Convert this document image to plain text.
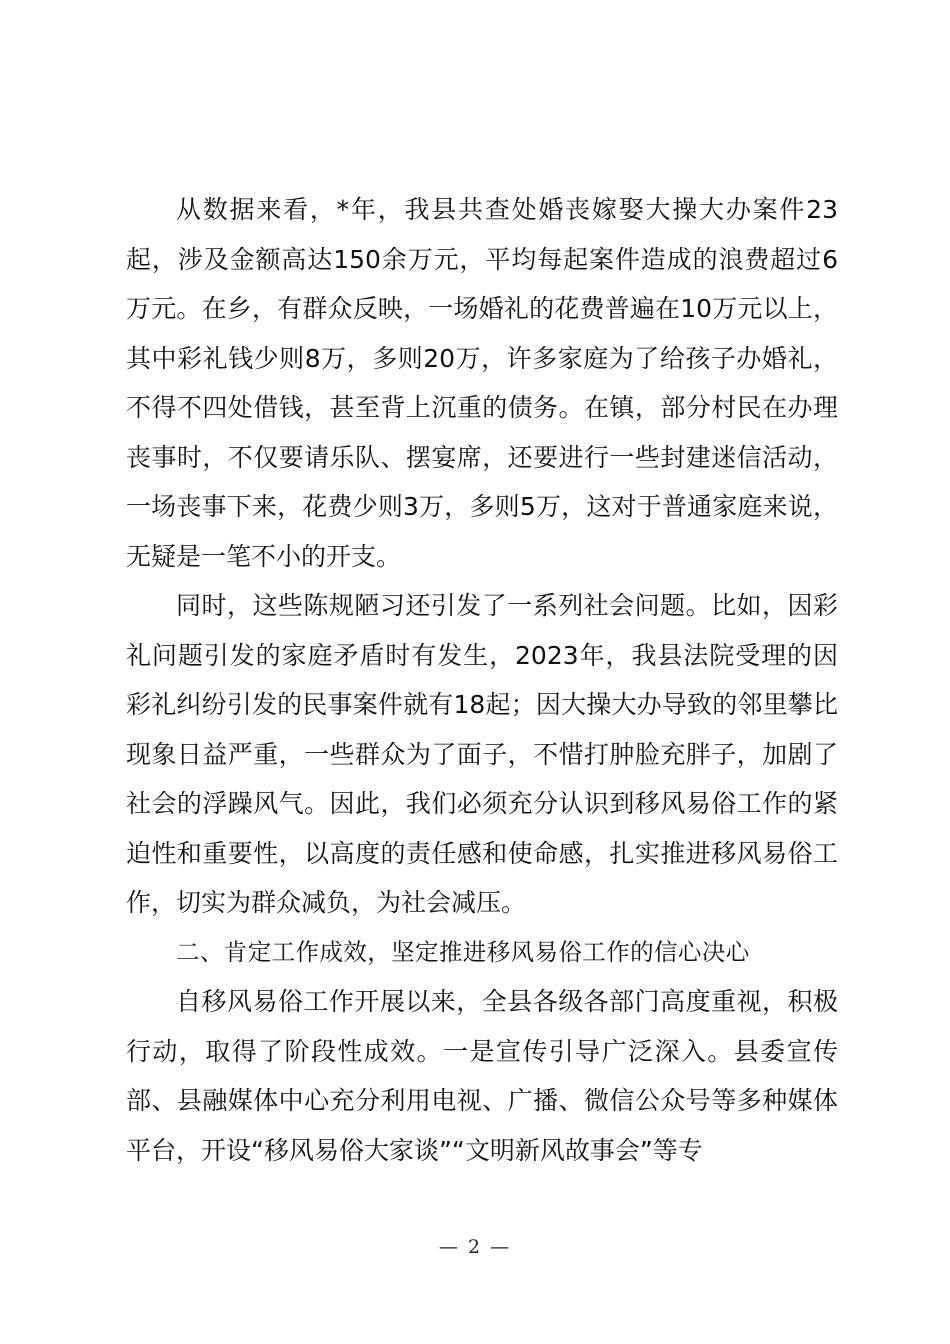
从数据来看，*年，我县共查处婚丧嫁娶大操大办案件23起，涉及金额高达150余万元，平均每起案件造成的浪费超过6万元。在乡，有群众反映，一场婚礼的花费普遍在10万元以上，其中彩礼钱少则8万，多则20万，许多家庭为了给孩子办婚礼，不得不四处借钱，甚至背上沉重的债务。在镇，部分村民在办理丧事时，不仅要请乐队、摆宴席，还要进行一些封建迷信活动，一场丧事下来，花费少则3万，多则5万，这对于普通家庭来说，无疑是一笔不小的开支。

同时，这些陈规陋习还引发了一系列社会问题。比如，因彩礼问题引发的家庭矛盾时有发生，2023年，我县法院受理的因彩礼纠纷引发的民事案件就有18起；因大操大办导致的邻里攀比现象日益严重，一些群众为了面子，不惜打肿脸充胖子，加剧了社会的浮躁风气。因此，我们必须充分认识到移风易俗工作的紧迫性和重要性，以高度的责任感和使命感，扎实推进移风易俗工作，切实为群众减负，为社会减压。

二、肯定工作成效，坚定推进移风易俗工作的信心决心

自移风易俗工作开展以来，全县各级各部门高度重视，积极行动，取得了阶段性成效。一是宣传引导广泛深入。县委宣传部、县融媒体中心充分利用电视、广播、微信公众号等多种媒体平台，开设“移风易俗大家谈”“文明新风故事会”等专

— 2 —
